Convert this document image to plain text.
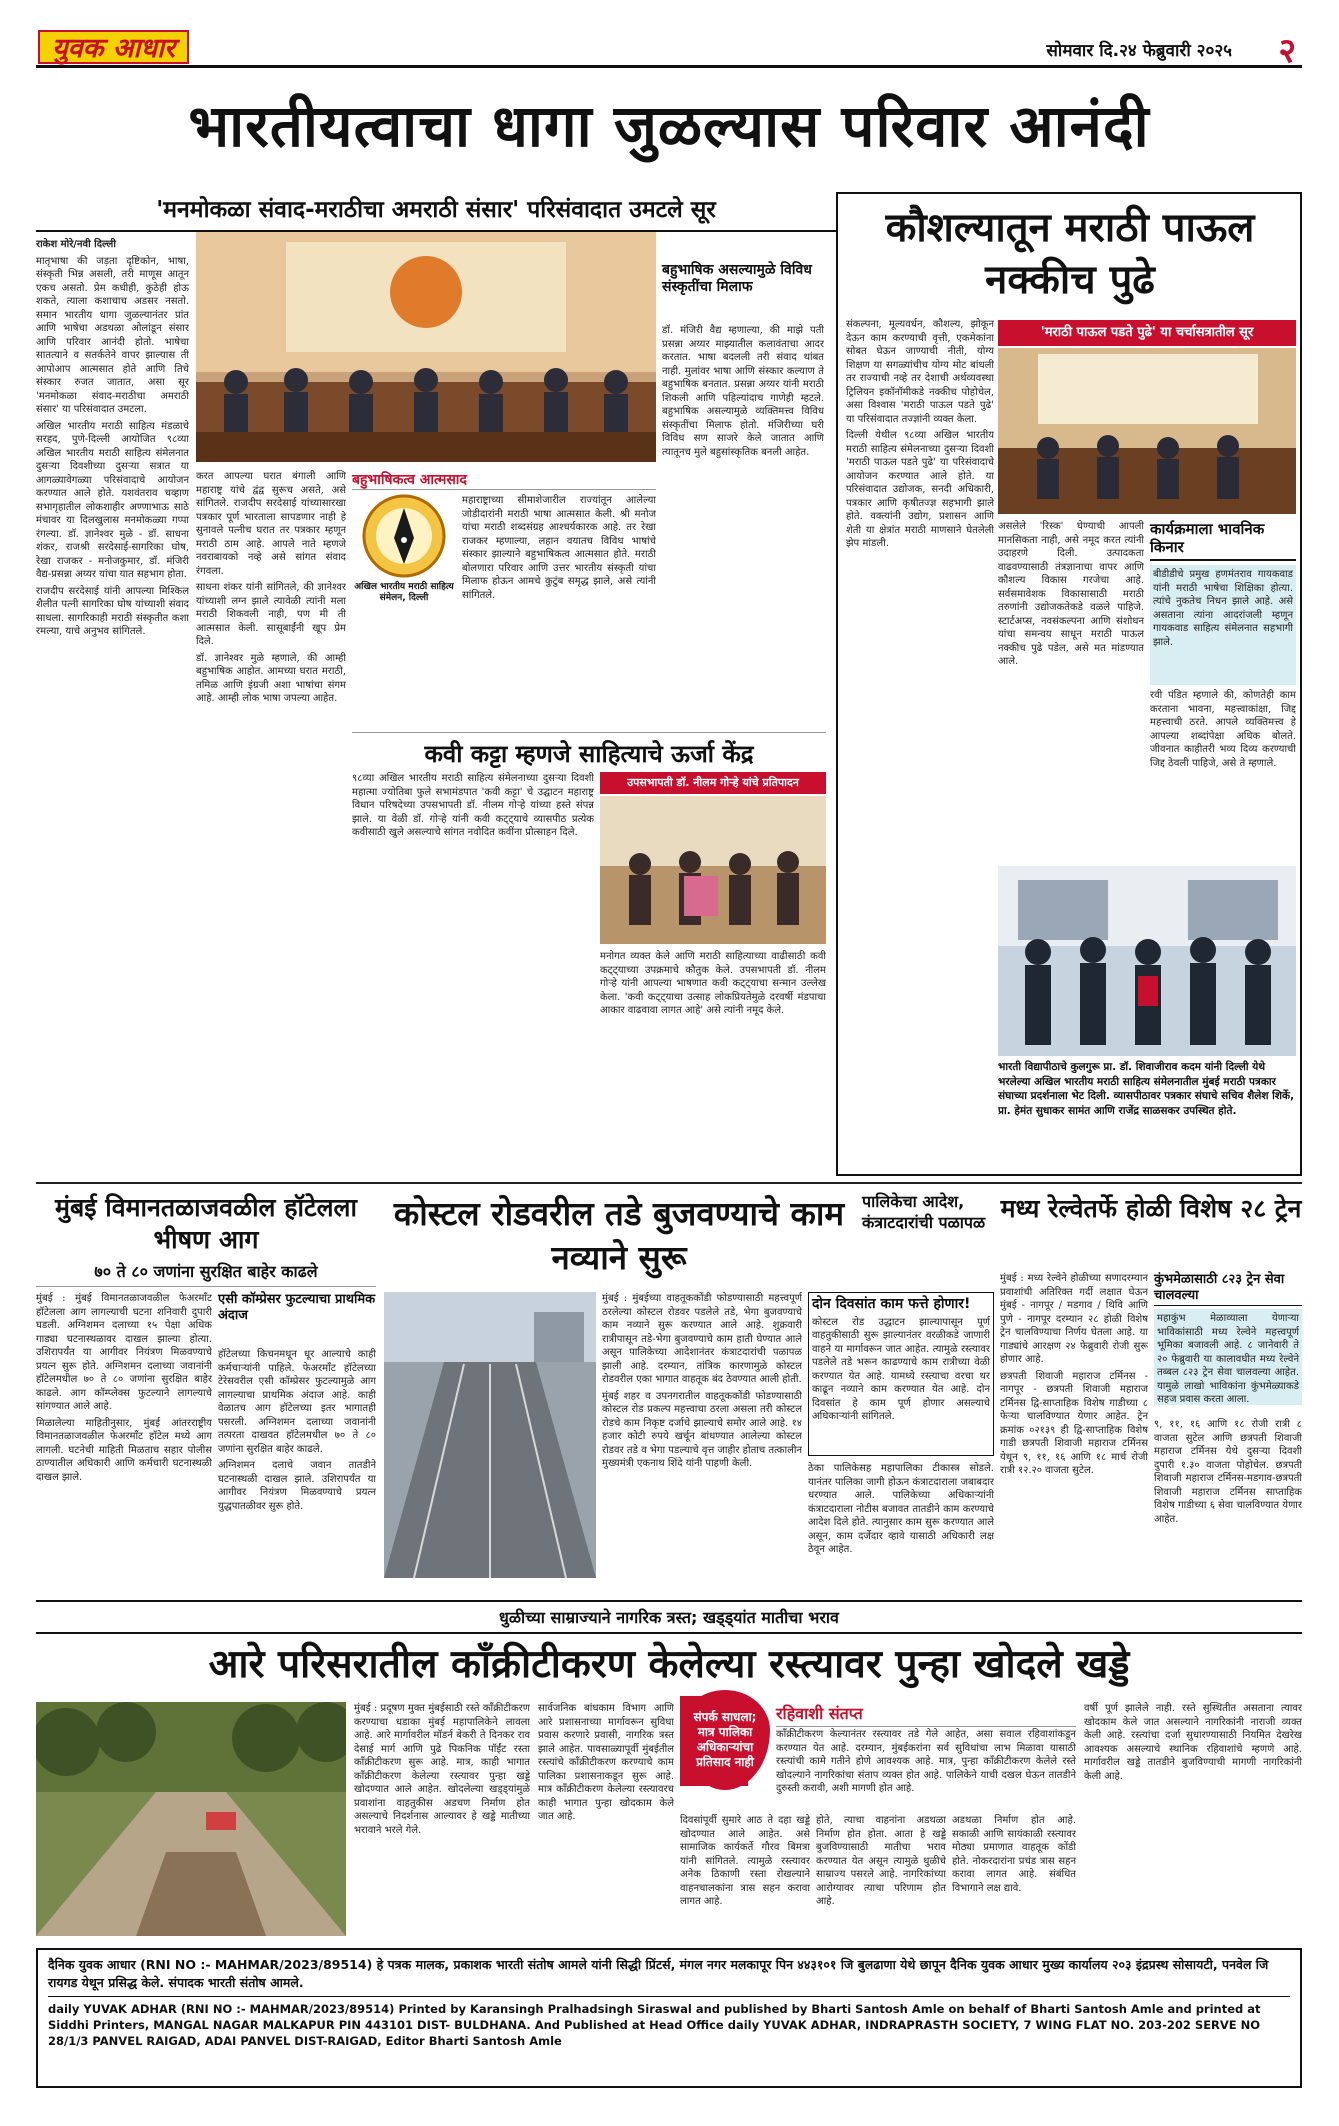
युवक आधार	सोमवार दि.२४ फेब्रुवारी २०२५ २
भारतीयत्वाचा धागा जुळल्यास परिवार आनंदी
'मनमोकळा संवाद-मराठीचा अमराठी संसार' परिसंवादात उमटले सूर

राकेश मोरे/नवी दिल्ली

मातृभाषा की जड़ता दृष्टिकोन, भाषा, संस्कृती भिन्न असली, तरी माणूस आतून एकच असतो. प्रेम कधीही, कुठेही होऊ शकते, त्याला कशाचाच अडसर नसतो. समान भारतीय धागा जुळल्यानंतर प्रांत आणि भाषेचा अडथळा ओलांडून संसार आणि परिवार आनंदी होतो. भाषेचा सातत्याने व सतर्कतेने वापर झाल्यास ती आपोआप आत्मसात होते आणि तिचे संस्कार रुजत जातात, असा सूर 'मनमोकळा संवाद-मराठीचा अमराठी संसार' या परिसंवादात उमटला.

अखिल भारतीय मराठी साहित्य मंडळाचे सरहद, पुणे-दिल्ली आयोजित ९८व्या अखिल भारतीय मराठी साहित्य संमेलनात दुसऱ्या दिवशीच्या दुसऱ्या सत्रात या आगळ्यावेगळ्या परिसंवादाचे आयोजन करण्यात आले होते. यशवंतराव चव्हाण सभागृहातील लोकशाहीर अण्णाभाऊ साठे मंचावर या दिलखुलास मनमोकळ्या गप्पा रंगल्या. डॉ. ज्ञानेश्वर मुळे - डॉ. साधना शंकर, राजश्री सरदेसाई-सागरिका घोष, रेखा राजकर - मनोजकुमार, डॉ. मंजिरी वैद्य-प्रसन्ना अय्यर यांचा यात सहभाग होता.

राजदीप सरदेसाई यांनी आपल्या मिश्किल शैलीत पत्नी सागरिका घोष यांच्याशी संवाद साधला. सागरिकाही मराठी संस्कृतीत कशा रमल्या, याचे अनुभव सांगितले.

करत आपल्या घरात बंगाली आणि महाराष्ट्र यांचे द्वंद्व सुरूच असते, असे सांगितले. राजदीप सरदेसाई यांच्यासारखा पत्रकार पूर्ण भारताला सापडणार नाही हे सुनावले पत्नीच घरात तर पत्रकार म्हणून मराठी ठाम आहे. आपले नाते म्हणजे नवराबायको नव्हे असे सांगत संवाद रंगवला.

साधना शंकर यांनी सांगितले, की ज्ञानेश्वर यांच्याशी लग्न झाले त्यावेळी त्यांनी मला मराठी शिकवली नाही, पण मी ती आत्मसात केली. सासूबाईंनी खूप प्रेम दिले.

डॉ. ज्ञानेश्वर मुळे म्हणाले, की आम्ही बहुभाषिक आहोत. आमच्या घरात मराठी, तमिळ आणि इंग्रजी अशा भाषांचा संगम आहे. आम्ही लोक भाषा जपल्या आहेत.

बहुभाषिकत्व आत्मसाद
अखिल भारतीय मराठी साहित्य संमेलन, दिल्ली
महाराष्ट्राच्या सीमाशेजारील राज्यांतून आलेल्या जोडीदारांनी मराठी भाषा आत्मसात केली. श्री मनोज यांचा मराठी शब्दसंग्रह आश्चर्यकारक आहे. तर रेखा राजकर म्हणाल्या, लहान वयातच विविध भाषांचे संस्कार झाल्याने बहुभाषिकत्व आत्मसात होते. मराठी बोलणारा परिवार आणि उत्तर भारतीय संस्कृती यांचा मिलाफ होऊन आमचे कुटुंब समृद्ध झाले, असे त्यांनी सांगितले.
बहुभाषिक असल्यामुळे विविध संस्कृतींचा मिलाफ
डॉ. मंजिरी वैद्य म्हणाल्या, की माझे पती प्रसन्ना अय्यर माझ्यातील कलावंताचा आदर करतात. भाषा बदलली तरी संवाद थांबत नाही. मुलांवर भाषा आणि संस्कार कल्याण ते बहुभाषिक बनतात. प्रसन्ना अय्यर यांनी मराठी शिकली आणि पहिल्यांदाच गाणेही म्हटले. बहुभाषिक असल्यामुळे व्यक्तिमत्त्व विविध संस्कृतींचा मिलाफ होतो. मंजिरीच्या घरी विविध सण साजरे केले जातात आणि त्यातूनच मुले बहुसांस्कृतिक बनली आहेत.
कवी कट्टा म्हणजे साहित्याचे ऊर्जा केंद्र
९८व्या अखिल भारतीय मराठी साहित्य संमेलनाच्या दुसऱ्या दिवशी महात्मा ज्योतिबा फुले सभामंडपात 'कवी कट्टा' चे उद्घाटन महाराष्ट्र विधान परिषदेच्या उपसभापती डॉ. नीलम गोऱ्हे यांच्या हस्ते संपन्न झाले. या वेळी डॉ. गोऱ्हे यांनी कवी कट्ट्याचे व्यासपीठ प्रत्येक कवीसाठी खुले असल्याचे सांगत नवोदित कवींना प्रोत्साहन दिले.
उपसभापती डॉ. नीलम गोऱ्हे यांचे प्रतिपादन
मनोगत व्यक्त केले आणि मराठी साहित्याच्या वाढीसाठी कवी कट्ट्याच्या उपक्रमाचे कौतुक केले. उपसभापती डॉ. नीलम गोऱ्हे यांनी आपल्या भाषणात कवी कट्ट्याचा सन्मान उल्लेख केला. 'कवी कट्ट्याचा उत्साह लोकप्रियतेमुळे दरवर्षी मंडपाचा आकार वाढवावा लागत आहे' असे त्यांनी नमूद केले.
कौशल्यातून मराठी पाऊल नक्कीच पुढे

संकल्पना, मूल्यवर्धन, कौशल्य, झोकून देऊन काम करण्याची वृत्ती, एकमेकांना सोबत घेऊन जाण्याची नीती, योग्य शिक्षण या सगळ्यांचीच योग्य मोट बांधली तर राज्याची नव्हे तर देशाची अर्थव्यवस्था ट्रिलियन इकॉनॉमीकडे नक्कीच पोहोचेल, असा विश्वास 'मराठी पाऊल पडते पुढे' या परिसंवादात तज्ज्ञांनी व्यक्त केला.

दिल्ली येथील ९८व्या अखिल भारतीय मराठी साहित्य संमेलनाच्या दुसऱ्या दिवशी 'मराठी पाऊल पडते पुढे' या परिसंवादाचे आयोजन करण्यात आले होते. या परिसंवादात उद्योजक, सनदी अधिकारी, पत्रकार आणि कृषीतज्ज्ञ सहभागी झाले होते. वक्त्यांनी उद्योग, प्रशासन आणि शेती या क्षेत्रांत मराठी माणसाने घेतलेली झेप मांडली.

'मराठी पाऊल पडते पुढे' या चर्चासत्रातील सूर
असलेले 'रिस्क' घेण्याची आपली मानसिकता नाही, असे नमूद करत त्यांनी उदाहरणे दिली. उत्पादकता वाढवण्यासाठी तंत्रज्ञानाचा वापर आणि कौशल्य विकास गरजेचा आहे. सर्वसमावेशक विकासासाठी मराठी तरुणांनी उद्योजकतेकडे वळले पाहिजे. स्टार्टअप्स, नवसंकल्पना आणि संशोधन यांचा समन्वय साधून मराठी पाऊल नक्कीच पुढे पडेल, असे मत मांडण्यात आले.
कार्यक्रमाला भावनिक किनार
बीडीडीचे प्रमुख हणमंतराव गायकवाड यांनी मराठी भाषेचा शिक्षिका होत्या. त्यांचे नुकतेच निधन झाले आहे. असे असताना त्यांना आदरांजली म्हणून गायकवाड साहित्य संमेलनात सहभागी झाले.
रवी पंडित म्हणाले की, कोणतेही काम करताना भावना, महत्त्वाकांक्षा, जिद्द महत्त्वाची ठरते. आपले व्यक्तिमत्त्व हे आपल्या शब्दांपेक्षा अधिक बोलते. जीवनात काहीतरी भव्य दिव्य करण्याची जिद्द ठेवली पाहिजे, असे ते म्हणाले.
भारती विद्यापीठाचे कुलगुरू प्रा. डॉ. शिवाजीराव कदम यांनी दिल्ली येथे भरलेल्या अखिल भारतीय मराठी साहित्य संमेलनातील मुंबई मराठी पत्रकार संघाच्या प्रदर्शनाला भेट दिली. व्यासपीठावर पत्रकार संघाचे सचिव शैलेश शिर्के, प्रा. हेमंत सुधाकर सामंत आणि राजेंद्र साळसकर उपस्थित होते.
मुंबई विमानतळाजवळील हॉटेलला भीषण आग
७० ते ८० जणांना सुरक्षित बाहेर काढले

मुंबई : मुंबई विमानतळाजवळील फेअरमाँट हॉटेलला आग लागल्याची घटना शनिवारी दुपारी घडली. अग्निशमन दलाच्या १५ पेक्षा अधिक गाड्या घटनास्थळावर दाखल झाल्या होत्या. उशिरापर्यंत या आगीवर नियंत्रण मिळवण्याचे प्रयत्न सुरू होते. अग्निशमन दलाच्या जवानांनी हॉटेलमधील ७० ते ८० जणांना सुरक्षित बाहेर काढले. आग कॉम्प्लेक्स फुटल्याने लागल्याचे सांगण्यात आले आहे.

मिळालेल्या माहितीनुसार, मुंबई आंतरराष्ट्रीय विमानतळाजवळील फेअरमाँट हॉटेल मध्ये आग लागली. घटनेची माहिती मिळताच सहार पोलीस ठाण्यातील अधिकारी आणि कर्मचारी घटनास्थळी दाखल झाले.

एसी कॉम्प्रेसर फुटल्याचा प्राथमिक अंदाज

हॉटेलच्या किचनमधून धूर आल्याचे काही कर्मचाऱ्यांनी पाहिले. फेअरमाँट हॉटेलच्या टेरेसवरील एसी कॉम्प्रेसर फुटल्यामुळे आग लागल्याचा प्राथमिक अंदाज आहे. काही वेळातच आग हॉटेलच्या इतर भागातही पसरली. अग्निशमन दलाच्या जवानांनी तत्परता दाखवत हॉटेलमधील ७० ते ८० जणांना सुरक्षित बाहेर काढले.

अग्निशमन दलाचे जवान तातडीने घटनास्थळी दाखल झाले. उशिरापर्यंत या आगीवर नियंत्रण मिळवण्याचे प्रयत्न युद्धपातळीवर सुरू होते.

कोस्टल रोडवरील तडे बुजवण्याचे काम नव्याने सुरू
पालिकेचा आदेश, कंत्राटदारांची पळापळ

मुंबई : मुंबईच्या वाहतूककोंडी फोडण्यासाठी महत्त्वपूर्ण ठरलेल्या कोस्टल रोडवर पडलेले तडे, भेगा बुजवण्याचे काम नव्याने सुरू करण्यात आले आहे. शुक्रवारी रात्रीपासून तडे-भेगा बुजवण्याचे काम हाती घेण्यात आले असून पालिकेच्या आदेशानंतर कंत्राटदारांची पळापळ झाली आहे. दरम्यान, तांत्रिक कारणामुळे कोस्टल रोडवरील एका भागात वाहतूक बंद ठेवण्यात आली होती.

मुंबई शहर व उपनगरातील वाहतूककोंडी फोडण्यासाठी कोस्टल रोड प्रकल्प महत्त्वाचा ठरला असला तरी कोस्टल रोडचे काम निकृष्ट दर्जाचे झाल्याचे समोर आले आहे. १४ हजार कोटी रुपये खर्चून बांधण्यात आलेल्या कोस्टल रोडवर तडे व भेगा पडल्याचे वृत्त जाहीर होताच तत्कालीन मुख्यमंत्री एकनाथ शिंदे यांनी पाहणी केली.

दोन दिवसांत काम फत्ते होणार!
कोस्टल रोड उद्धाटन झाल्यापासून पूर्ण वाहतुकीसाठी सुरू झाल्यानंतर वरळीकडे जाणारी वाहने या मार्गावरून जात आहेत. त्यामुळे रस्त्यावर पडलेले तडे भरून काढण्याचे काम रात्रीच्या वेळी करण्यात येत आहे. यामध्ये रस्त्याचा वरचा थर काढून नव्याने काम करण्यात येत आहे. दोन दिवसांत हे काम पूर्ण होणार असल्याचे अधिकाऱ्यांनी सांगितले.
ठेका पालिकेसह महापालिका टीकास्त्र सोडले. यानंतर पालिका जागी होऊन कंत्राटदाराला जबाबदार धरण्यात आले. पालिकेच्या अधिकाऱ्यांनी कंत्राटदाराला नोटीस बजावत तातडीने काम करण्याचे आदेश दिले होते. त्यानुसार काम सुरू करण्यात आले असून, काम दर्जेदार व्हावे यासाठी अधिकारी लक्ष ठेवून आहेत.
मध्य रेल्वेतर्फे होळी विशेष २८ ट्रेन

मुंबई : मध्य रेल्वेने होळीच्या सणादरम्यान प्रवाशांची अतिरिक्त गर्दी लक्षात घेऊन मुंबई - नागपूर / मडगाव / थिवि आणि पुणे - नागपूर दरम्यान २८ होळी विशेष ट्रेन चालविण्याचा निर्णय घेतला आहे. या गाड्यांचे आरक्षण २४ फेब्रुवारी रोजी सुरू होणार आहे.

छत्रपती शिवाजी महाराज टर्मिनस - नागपूर - छत्रपती शिवाजी महाराज टर्मिनस द्वि-साप्ताहिक विशेष गाडीच्या ८ फेऱ्या चालविण्यात येणार आहेत. ट्रेन क्रमांक ०२१३९ ही द्वि-साप्ताहिक विशेष गाडी छत्रपती शिवाजी महाराज टर्मिनस येथून ९, ११, १६ आणि १८ मार्च रोजी रात्री १२.२० वाजता सुटेल.

कुंभमेळासाठी ८२३ ट्रेन सेवा चालवल्या
महाकुंभ मेळाव्याला येणाऱ्या भाविकांसाठी मध्य रेल्वेने महत्त्वपूर्ण भूमिका बजावली आहे. ८ जानेवारी ते २० फेब्रुवारी या कालावधीत मध्य रेल्वेने तब्बल ८२३ ट्रेन सेवा चालवल्या आहेत. यामुळे लाखो भाविकांना कुंभमेळ्याकडे सहज प्रवास करता आला.
९, ११, १६ आणि १८ रोजी रात्री ८ वाजता सुटेल आणि छत्रपती शिवाजी महाराज टर्मिनस येथे दुसऱ्या दिवशी दुपारी १.३० वाजता पोहोचेल. छत्रपती शिवाजी महाराज टर्मिनस-मडगाव-छत्रपती शिवाजी महाराज टर्मिनस साप्ताहिक विशेष गाडीच्या ६ सेवा चालविण्यात येणार आहेत.
धुळीच्या साम्राज्याने नागरिक त्रस्त; खड्ड्यांत मातीचा भराव
आरे परिसरातील काँक्रीटीकरण केलेल्या रस्त्यावर पुन्हा खोदले खड्डे
मुंबई : प्रदूषण मुक्त मुंबईसाठी रस्ते काँक्रीटीकरण करण्याचा धडाका मुंबई महापालिकेने लावला आहे. आरे मार्गावरील मॉडर्न बेकरी ते दिनकर राव देसाई मार्ग आणि पुढे पिकनिक पॉईंट रस्ता काँक्रीटीकरण सुरू आहे. मात्र, काही भागात काँक्रीटीकरण केलेल्या रस्त्यावर पुन्हा खड्डे खोदण्यात आले आहेत. खोदलेल्या खड्ड्यांमुळे प्रवाशांना वाहतुकीस अडचण निर्माण होत असल्याचे निदर्शनास आल्यावर हे खड्डे मातीच्या भरावाने भरले गेले.
सार्वजनिक बांधकाम विभाग आणि आरे प्रशासनाच्या मार्गावरून सुविधा प्रवास करणारे प्रवासी, नागरिक त्रस्त झाले आहेत. पावसाळ्यापूर्वी मुंबईतील रस्त्यांचे काँक्रीटीकरण करण्याचे काम पालिका प्रशासनाकडून सुरू आहे. मात्र काँक्रीटीकरण केलेल्या रस्त्यावरच काही भागात पुन्हा खोदकाम केले जात आहे.
संपर्क साधला; मात्र पालिका अधिकाऱ्यांचा प्रतिसाद नाही
रहिवाशी संतप्त
काँक्रीटीकरण केल्यानंतर रस्त्यावर तडे गेले आहेत, असा सवाल रहिवाशांकडून करण्यात येत आहे. दरम्यान, मुंबईकरांना सर्व सुविधांचा लाभ मिळावा यासाठी रस्त्यांची कामे गतीने होणे आवश्यक आहे. मात्र, पुन्हा काँक्रीटीकरण केलेले रस्ते खोदल्याने नागरिकांचा संताप व्यक्त होत आहे. पालिकेने याची दखल घेऊन तातडीने दुरुस्ती करावी, अशी मागणी होत आहे.
दिवसांपूर्वी सुमारे आठ ते दहा खड्डे खोदण्यात आले आहेत. असे सामाजिक कार्यकर्ते गौरव बिमत्रा यांनी सांगितले. त्यामुळे रस्त्यावर अनेक ठिकाणी रस्ता रोखल्याने वाहनचालकांना त्रास सहन करावा लागत आहे.
होते, त्याचा वाहनांना अडथळा निर्माण होत होता. आता हे खड्डे बुजविण्यासाठी मातीचा भराव करण्यात येत असून त्यामुळे धुळीचे साम्राज्य पसरले आहे. नागरिकांच्या आरोग्यावर त्याचा परिणाम होत आहे.
अडथळा निर्माण होत आहे. सकाळी आणि सायंकाळी रस्त्यावर मोठ्या प्रमाणात वाहतूक कोंडी होते. नोकरदारांना प्रचंड त्रास सहन करावा लागत आहे. संबंधित विभागाने लक्ष द्यावे.
वर्षी पूर्ण झालेले नाही. रस्ते सुस्थितीत असताना त्यावर खोदकाम केले जात असल्याने नागरिकांनी नाराजी व्यक्त केली आहे. रस्त्यांचा दर्जा सुधारण्यासाठी नियमित देखरेख आवश्यक असल्याचे स्थानिक रहिवाशांचे म्हणणे आहे. मार्गावरील खड्डे तातडीने बुजविण्याची मागणी नागरिकांनी केली आहे.
दैनिक युवक आधार (RNI NO :- MAHMAR/2023/89514) हे पत्रक मालक, प्रकाशक भारती संतोष आमले यांनी सिद्धी प्रिंटर्स, मंगल नगर मलकापूर पिन ४४३१०१ जि बुलढाणा येथे छापून दैनिक युवक आधार मुख्य कार्यालय २०३ इंद्रप्रस्थ सोसायटी, पनवेल जि रायगड येथून प्रसिद्ध केले. संपादक भारती संतोष आमले.
daily YUVAK ADHAR (RNI NO :- MAHMAR/2023/89514) Printed by Karansingh Pralhadsingh Siraswal and published by Bharti Santosh Amle on behalf of Bharti Santosh Amle and printed at Siddhi Printers, MANGAL NAGAR MALKAPUR PIN 443101 DIST- BULDHANA. And Published at Head Office daily YUVAK ADHAR, INDRAPRASTH SOCIETY, 7 WING FLAT NO. 203-202 SERVE NO 28/1/3 PANVEL RAIGAD, ADAI PANVEL DIST-RAIGAD, Editor Bharti Santosh Amle
